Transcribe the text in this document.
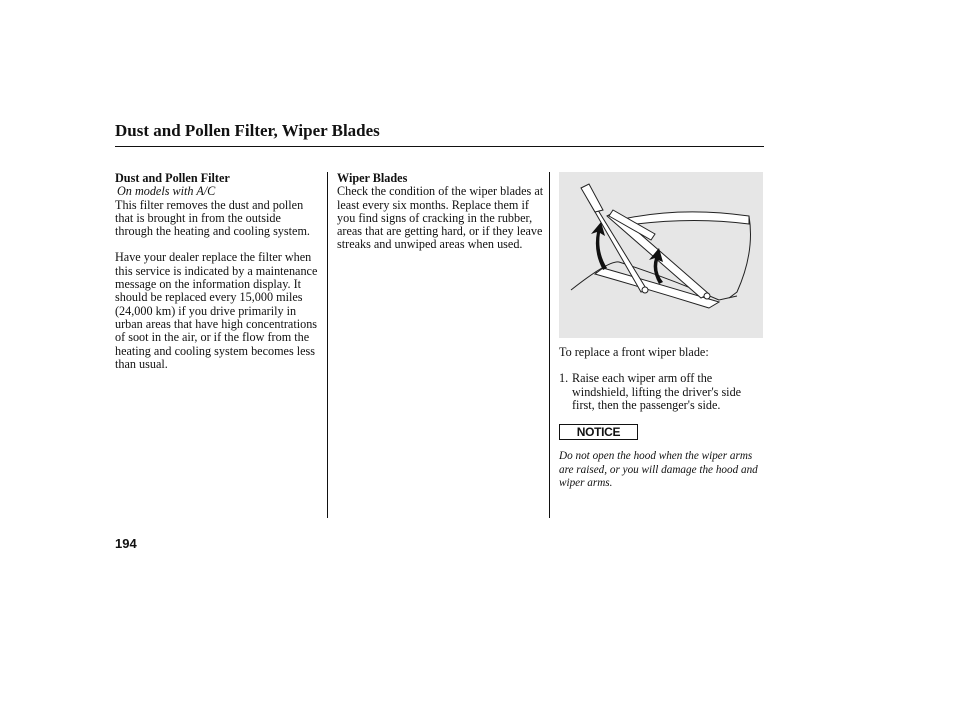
Dust and Pollen Filter, Wiper Blades

Dust and Pollen Filter

On models with A/C

This filter removes the dust and pollen that is brought in from the outside through the heating and cooling system.

Have your dealer replace the filter when this service is indicated by a maintenance message on the information display. It should be replaced every 15,000 miles (24,000 km) if you drive primarily in urban areas that have high concentrations of soot in the air, or if the flow from the heating and cooling system becomes less than usual.

Wiper Blades

Check the condition of the wiper blades at least every six months. Replace them if you find signs of cracking in the rubber, areas that are getting hard, or if they leave streaks and unwiped areas when used.

To replace a front wiper blade:

1. Raise each wiper arm off the windshield, lifting the driver's side first, then the passenger's side.
NOTICE

Do not open the hood when the wiper arms are raised, or you will damage the hood and wiper arms.

194
